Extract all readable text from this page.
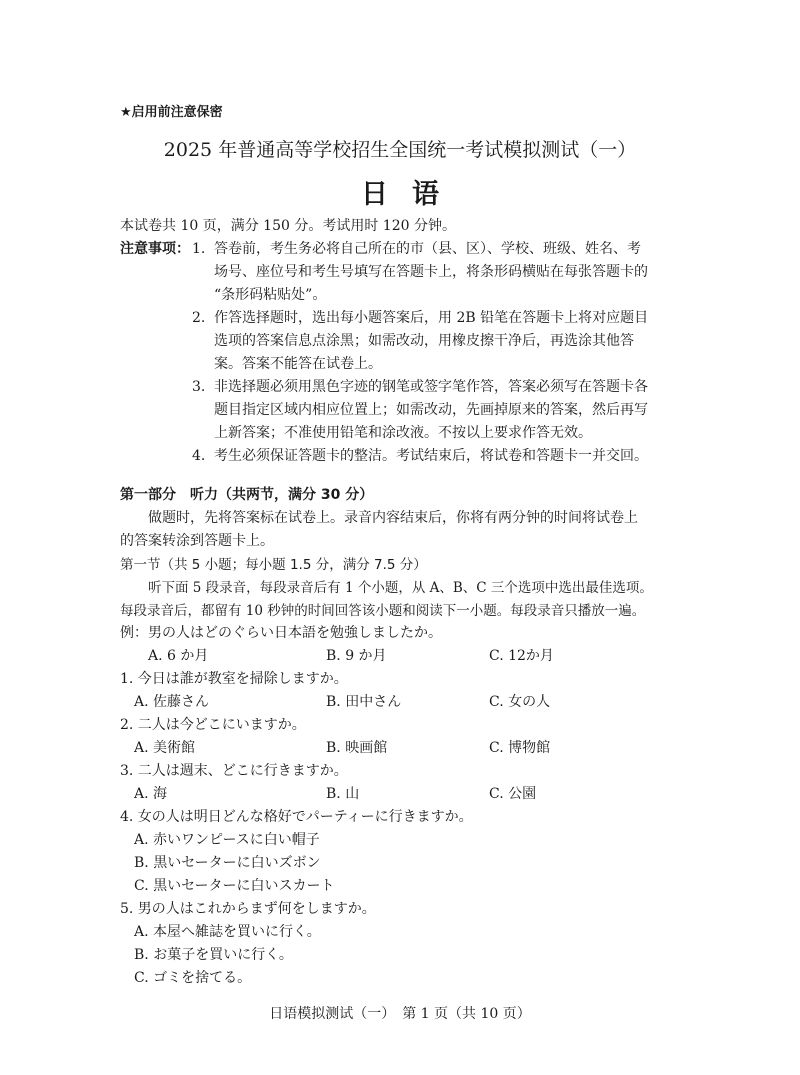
★启用前注意保密
2025 年普通高等学校招生全国统一考试模拟测试（一）
日语
本试卷共 10 页，满分 150 分。考试用时 120 分钟。
注意事项： 1. 答卷前，考生务必将自己所在的市（县、区）、学校、班级、姓名、考
场号、座位号和考生号填写在答题卡上，将条形码横贴在每张答题卡的
“条形码粘贴处”。
2. 作答选择题时，选出每小题答案后，用 2B 铅笔在答题卡上将对应题目
选项的答案信息点涂黑；如需改动，用橡皮擦干净后，再选涂其他答
案。答案不能答在试卷上。
3. 非选择题必须用黑色字迹的钢笔或签字笔作答，答案必须写在答题卡各
题目指定区域内相应位置上；如需改动，先画掉原来的答案，然后再写
上新答案；不准使用铅笔和涂改液。不按以上要求作答无效。
4. 考生必须保证答题卡的整洁。考试结束后，将试卷和答题卡一并交回。
第一部分　听力（共两节，满分 30 分）
做题时，先将答案标在试卷上。录音内容结束后，你将有两分钟的时间将试卷上
的答案转涂到答题卡上。
第一节（共 5 小题；每小题 1.5 分，满分 7.5 分）
听下面 5 段录音，每段录音后有 1 个小题，从 A、B、C 三个选项中选出最佳选项。
每段录音后，都留有 10 秒钟的时间回答该小题和阅读下一小题。每段录音只播放一遍。
例：男の人はどのぐらい日本語を勉強しましたか。
A. 6 か月	B. 9 か月	C. 12か月
1. 今日は誰が教室を掃除しますか。
A. 佐藤さん	B. 田中さん	C. 女の人
2. 二人は今どこにいますか。
A. 美術館	B. 映画館	C. 博物館
3. 二人は週末、どこに行きますか。
A. 海	B. 山	C. 公園
4. 女の人は明日どんな格好でパーティーに行きますか。
A. 赤いワンピースに白い帽子
B. 黒いセーターに白いズボン
C. 黒いセーターに白いスカート
5. 男の人はこれからまず何をしますか。
A. 本屋へ雑誌を買いに行く。
B. お菓子を買いに行く。
C. ゴミを捨てる。
日语模拟测试（一）　第 1 页（共 10 页）
